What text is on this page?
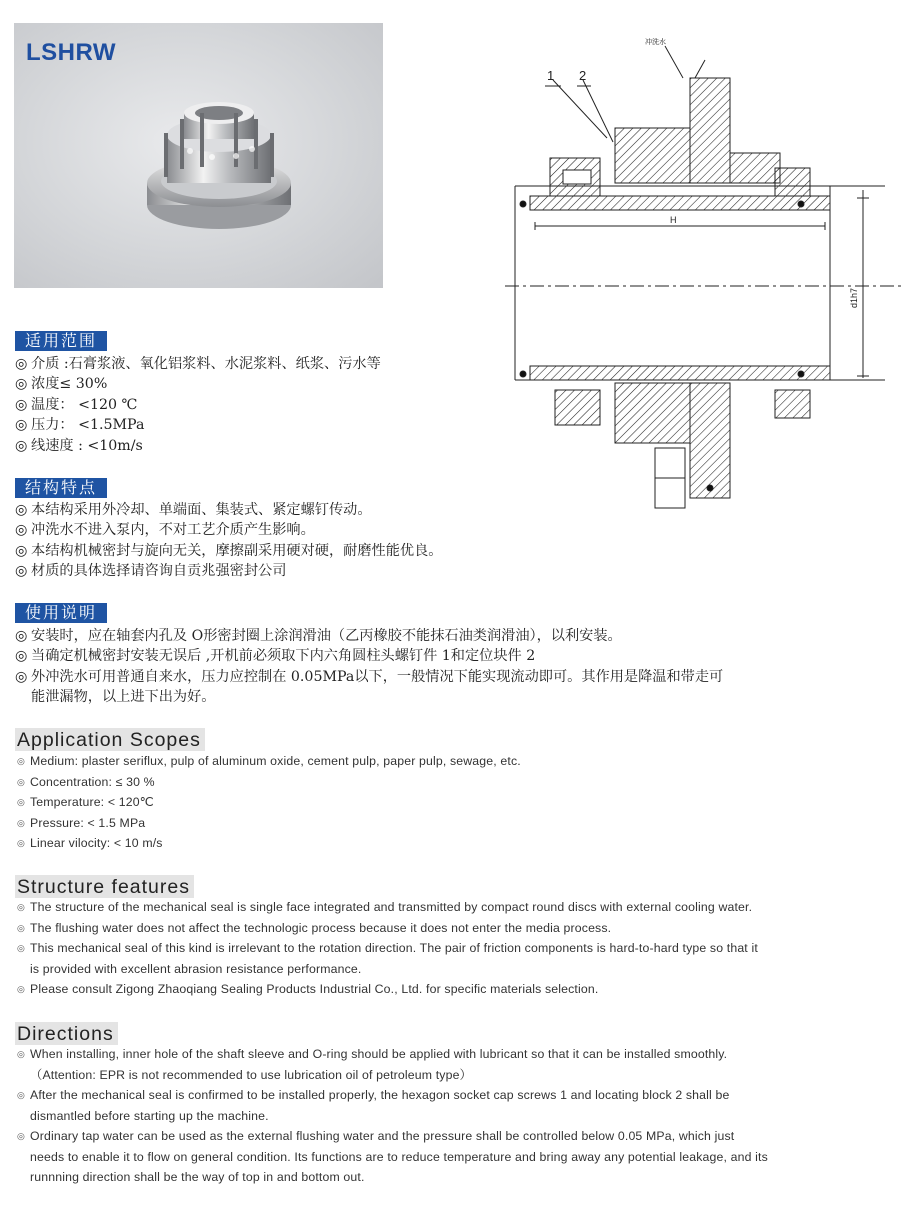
LSHRW
1 2
冲洗水
H
d1h7
适用范围
◎ 介质 :石膏浆液、氧化铝浆料、水泥浆料、纸浆、污水等
◎ 浓度≤ 30%
◎ 温度： <120 ℃
◎ 压力： <1.5MPa
◎ 线速度 : <10m/s
结构特点
◎ 本结构采用外冷却、单端面、集装式、紧定螺钉传动。
◎ 冲洗水不进入泵内，不对工艺介质产生影响。
◎ 本结构机械密封与旋向无关，摩擦副采用硬对硬，耐磨性能优良。
◎ 材质的具体选择请咨询自贡兆强密封公司
使用说明
◎ 安装时，应在轴套内孔及 O形密封圈上涂润滑油（乙丙橡胶不能抹石油类润滑油），以利安装。
◎ 当确定机械密封安装无误后 ,开机前必须取下内六角圆柱头螺钉件 1和定位块件 2
◎ 外冲洗水可用普通自来水，压力应控制在 0.05MPa以下，一般情况下能实现流动即可。其作用是降温和带走可
能泄漏物，以上进下出为好。
Application Scopes
◎ Medium: plaster seriflux, pulp of aluminum oxide, cement pulp, paper pulp, sewage, etc.
◎ Concentration: ≤ 30 %
◎ Temperature: < 120℃
◎ Pressure: < 1.5 MPa
◎ Linear vilocity: < 10 m/s
Structure features
◎ The structure of the mechanical seal is single face integrated and transmitted by compact round discs with external cooling water.
◎ The flushing water does not affect the technologic process because it does not enter the media process.
◎ This mechanical seal of this kind is irrelevant to the rotation direction. The pair of friction components is hard-to-hard type so that it
is provided with excellent abrasion resistance performance.
◎ Please consult Zigong Zhaoqiang Sealing Products Industrial Co., Ltd. for specific materials selection.
Directions
◎ When installing, inner hole of the shaft sleeve and O-ring should be applied with lubricant so that it can be installed smoothly.
（Attention: EPR is not recommended to use lubrication oil of petroleum type）
◎ After the mechanical seal is confirmed to be installed properly, the hexagon socket cap screws 1 and locating block 2 shall be
dismantled before starting up the machine.
◎ Ordinary tap water can be used as the external flushing water and the pressure shall be controlled below 0.05 MPa, which just
needs to enable it to flow on general condition. Its functions are to reduce temperature and bring away any potential leakage, and its
runnning direction shall be the way of top in and bottom out.
